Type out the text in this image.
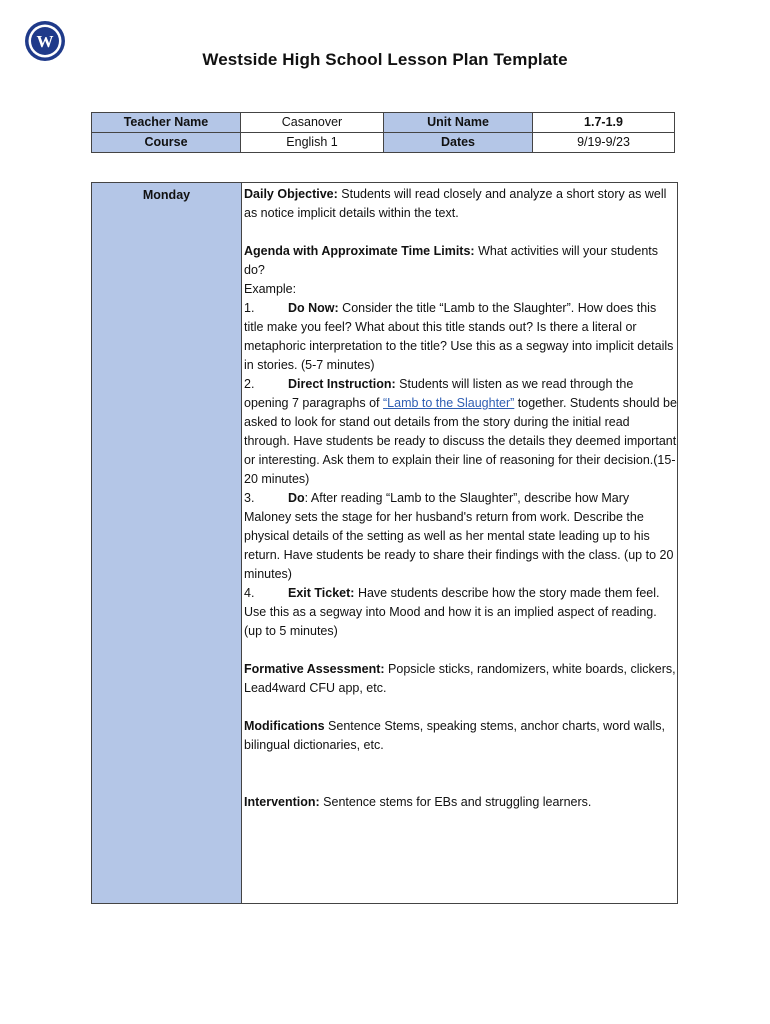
W
Westside High School Lesson Plan Template
Teacher Name	Casanover	Unit Name	1.7-1.9
Course	English 1	Dates	9/19-9/23
Monday	Daily Objective: Students will read closely and analyze a short story as well as notice implicit details within the text.

Agenda with Approximate Time Limits: What activities will your students do?

Example:

1.	Do Now: Consider the title “Lamb to the Slaughter”. How does this title make you feel? What about this title stands out? Is there a literal or metaphoric interpretation to the title? Use this as a segway into implicit details in stories. (5-7 minutes)

2.	Direct Instruction: Students will listen as we read through the opening 7 paragraphs of “Lamb to the Slaughter” together. Students should be asked to look for stand out details from the story during the initial read through. Have students be ready to discuss the details they deemed important or interesting. Ask them to explain their line of reasoning for their decision.(15-20 minutes)

3.	Do: After reading “Lamb to the Slaughter”, describe how Mary Maloney sets the stage for her husband's return from work. Describe the physical details of the setting as well as her mental state leading up to his return. Have students be ready to share their findings with the class. (up to 20 minutes)

4.	Exit Ticket: Have students describe how the story made them feel. Use this as a segway into Mood and how it is an implied aspect of reading. (up to 5 minutes)

Formative Assessment: Popsicle sticks, randomizers, white boards, clickers, Lead4ward CFU app, etc.

Modifications Sentence Stems, speaking stems, anchor charts, word walls, bilingual dictionaries, etc.

Intervention: Sentence stems for EBs and struggling learners.
